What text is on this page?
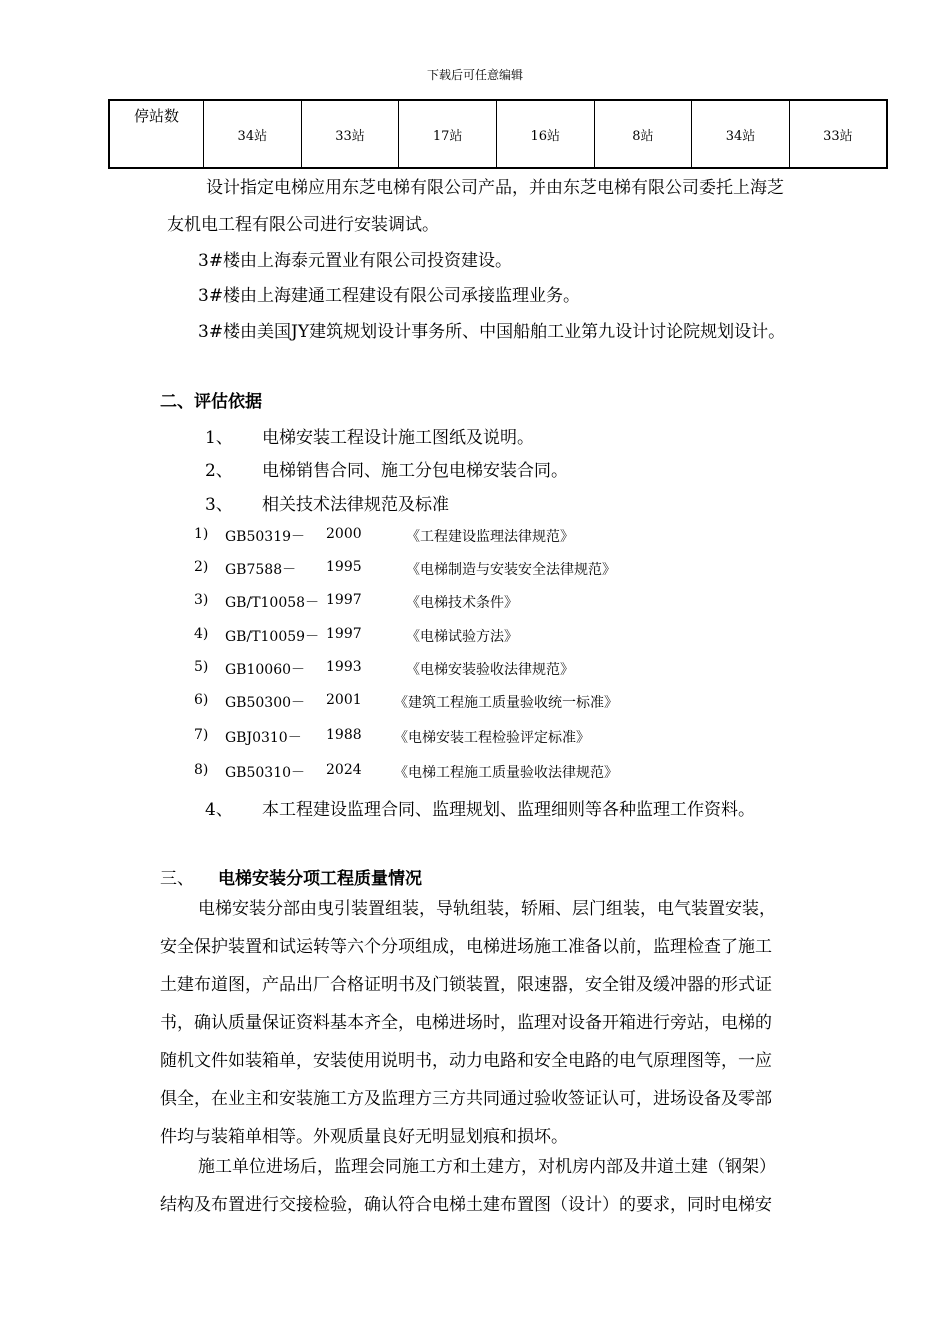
下载后可任意编辑
停站数	34站	33站	17站	16站	8站	34站	33站
设计指定电梯应用东芝电梯有限公司产品，并由东芝电梯有限公司委托上海芝
友机电工程有限公司进行安装调试。
3#楼由上海泰元置业有限公司投资建设。
3#楼由上海建通工程建设有限公司承接监理业务。
3#楼由美国JY建筑规划设计事务所、中国船舶工业第九设计讨论院规划设计。
二、评估依据
1、 电梯安装工程设计施工图纸及说明。
2、 电梯销售合同、施工分包电梯安装合同。
3、 相关技术法律规范及标准
1) GB50319－ 2000	《工程建设监理法律规范》
2) GB7588－ 1995	《电梯制造与安装安全法律规范》
3) GB/T10058－ 1997	《电梯技术条件》
4) GB/T10059－ 1997	《电梯试验方法》
5) GB10060－ 1993	《电梯安装验收法律规范》
6) GB50300－ 2001 《建筑工程施工质量验收统一标准》
7) GBJ0310－ 1988 《电梯安装工程检验评定标准》
8) GB50310－ 2024 《电梯工程施工质量验收法律规范》
4、 本工程建设监理合同、监理规划、监理细则等各种监理工作资料。
三、 电梯安装分项工程质量情况
电梯安装分部由曳引装置组装，导轨组装，轿厢、层门组装，电气装置安装，
安全保护装置和试运转等六个分项组成，电梯进场施工准备以前，监理检查了施工
土建布道图，产品出厂合格证明书及门锁装置，限速器，安全钳及缓冲器的形式证
书，确认质量保证资料基本齐全，电梯进场时，监理对设备开箱进行旁站，电梯的
随机文件如装箱单，安装使用说明书，动力电路和安全电路的电气原理图等，一应
俱全，在业主和安装施工方及监理方三方共同通过验收签证认可，进场设备及零部
件均与装箱单相等。外观质量良好无明显划痕和损坏。
施工单位进场后，监理会同施工方和土建方，对机房内部及井道土建（钢架）
结构及布置进行交接检验，确认符合电梯土建布置图（设计）的要求，同时电梯安
